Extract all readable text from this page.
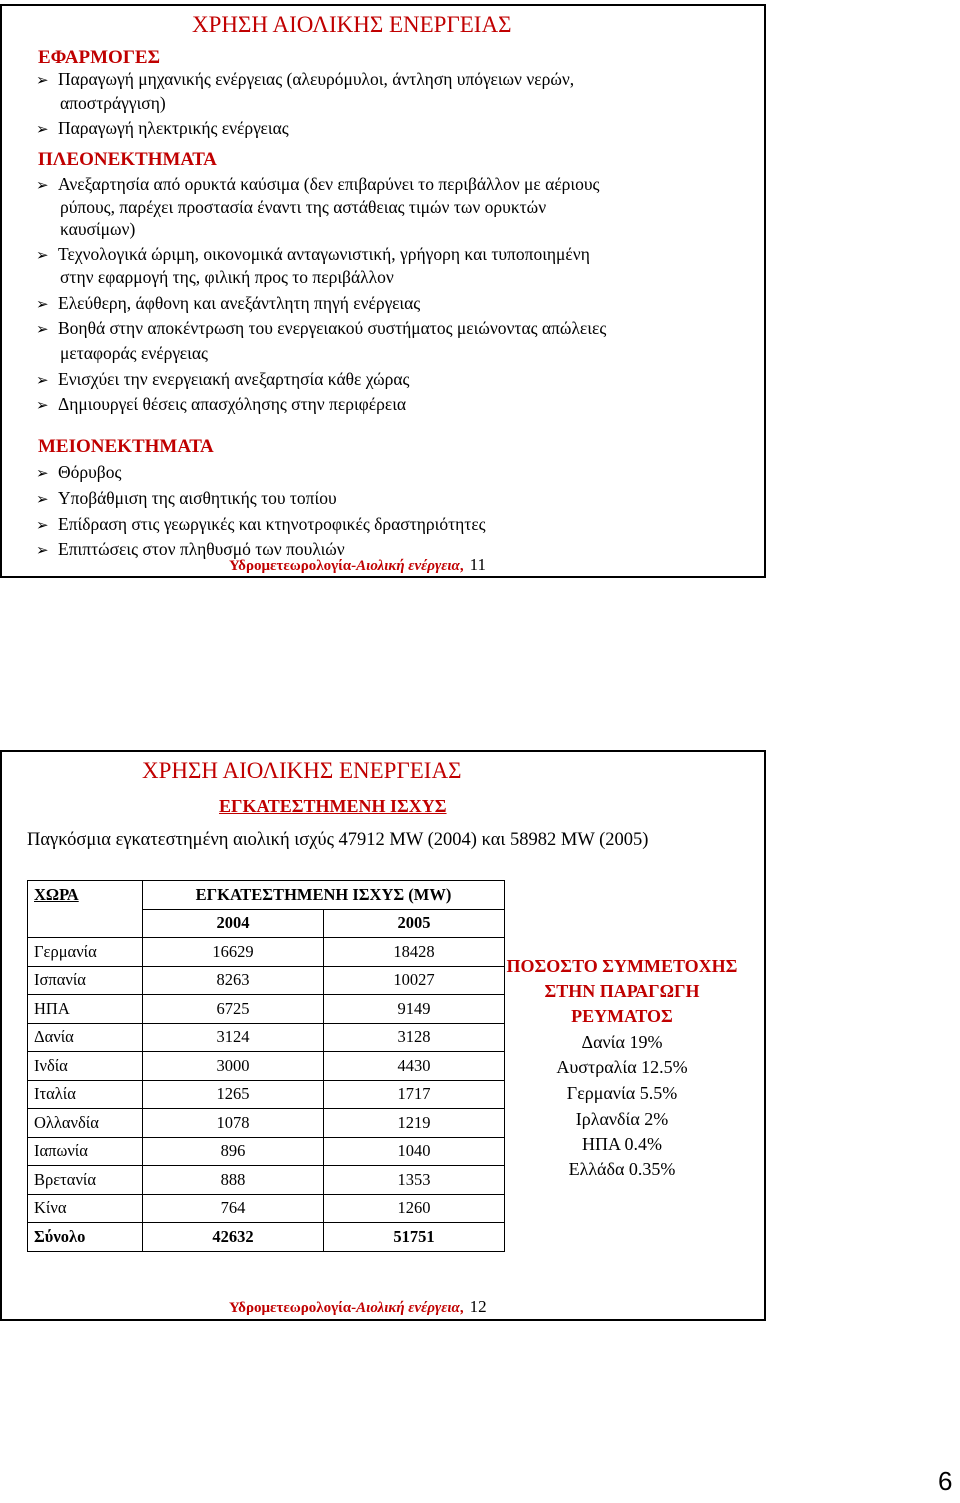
ΧΡΗΣΗ ΑΙΟΛΙΚΗΣ ΕΝΕΡΓΕΙΑΣ
ΕΦΑΡΜΟΓΕΣ
➢ Παραγωγή μηχανικής ενέργειας (αλευρόμυλοι, άντληση υπόγειων νερών,
αποστράγγιση)
➢ Παραγωγή ηλεκτρικής ενέργειας
ΠΛΕΟΝΕΚΤΗΜΑΤΑ
➢ Ανεξαρτησία από ορυκτά καύσιμα (δεν επιβαρύνει το περιβάλλον με αέριους
ρύπους, παρέχει προστασία έναντι της αστάθειας τιμών των ορυκτών
καυσίμων)
➢ Τεχνολογικά ώριμη, οικονομικά ανταγωνιστική, γρήγορη και τυποποιημένη
στην εφαρμογή της, φιλική προς το περιβάλλον
➢ Ελεύθερη, άφθονη και ανεξάντλητη πηγή ενέργειας
➢ Βοηθά στην αποκέντρωση του ενεργειακού συστήματος μειώνοντας απώλειες
μεταφοράς ενέργειας
➢ Ενισχύει την ενεργειακή ανεξαρτησία κάθε χώρας
➢ Δημιουργεί θέσεις απασχόλησης στην περιφέρεια
ΜΕΙΟΝΕΚΤΗΜΑΤΑ
➢ Θόρυβος
➢ Υποβάθμιση της αισθητικής του τοπίου
➢ Επίδραση στις γεωργικές και κτηνοτροφικές δραστηριότητες
➢ Επιπτώσεις στον πληθυσμό των πουλιών
Υδρομετεωρολογία-Αιολική ενέργεια, 11
ΧΡΗΣΗ ΑΙΟΛΙΚΗΣ ΕΝΕΡΓΕΙΑΣ
ΕΓΚΑΤΕΣΤΗΜΕΝΗ ΙΣΧΥΣ
Παγκόσμια εγκατεστημένη αιολική ισχύς 47912 MW (2004) και 58982 MW (2005)
ΧΩΡΑ	ΕΓΚΑΤΕΣΤΗΜΕΝΗ ΙΣΧΥΣ (MW)	
	2004	2005
Γερμανία	16629	18428
Ισπανία	8263	10027
ΗΠΑ	6725	9149
Δανία	3124	3128
Ινδία	3000	4430
Ιταλία	1265	1717
Ολλανδία	1078	1219
Ιαπωνία	896	1040
Βρετανία	888	1353
Κίνα	764	1260
Σύνολο	42632	51751
ΠΟΣΟΣΤΟ ΣΥΜΜΕΤΟΧΗΣ
ΣΤΗΝ ΠΑΡΑΓΩΓΗ
ΡΕΥΜΑΤΟΣ
Δανία 19%
Αυστραλία 12.5%
Γερμανία 5.5%
Ιρλανδία 2%
ΗΠΑ 0.4%
Ελλάδα 0.35%
Υδρομετεωρολογία-Αιολική ενέργεια, 12
6
